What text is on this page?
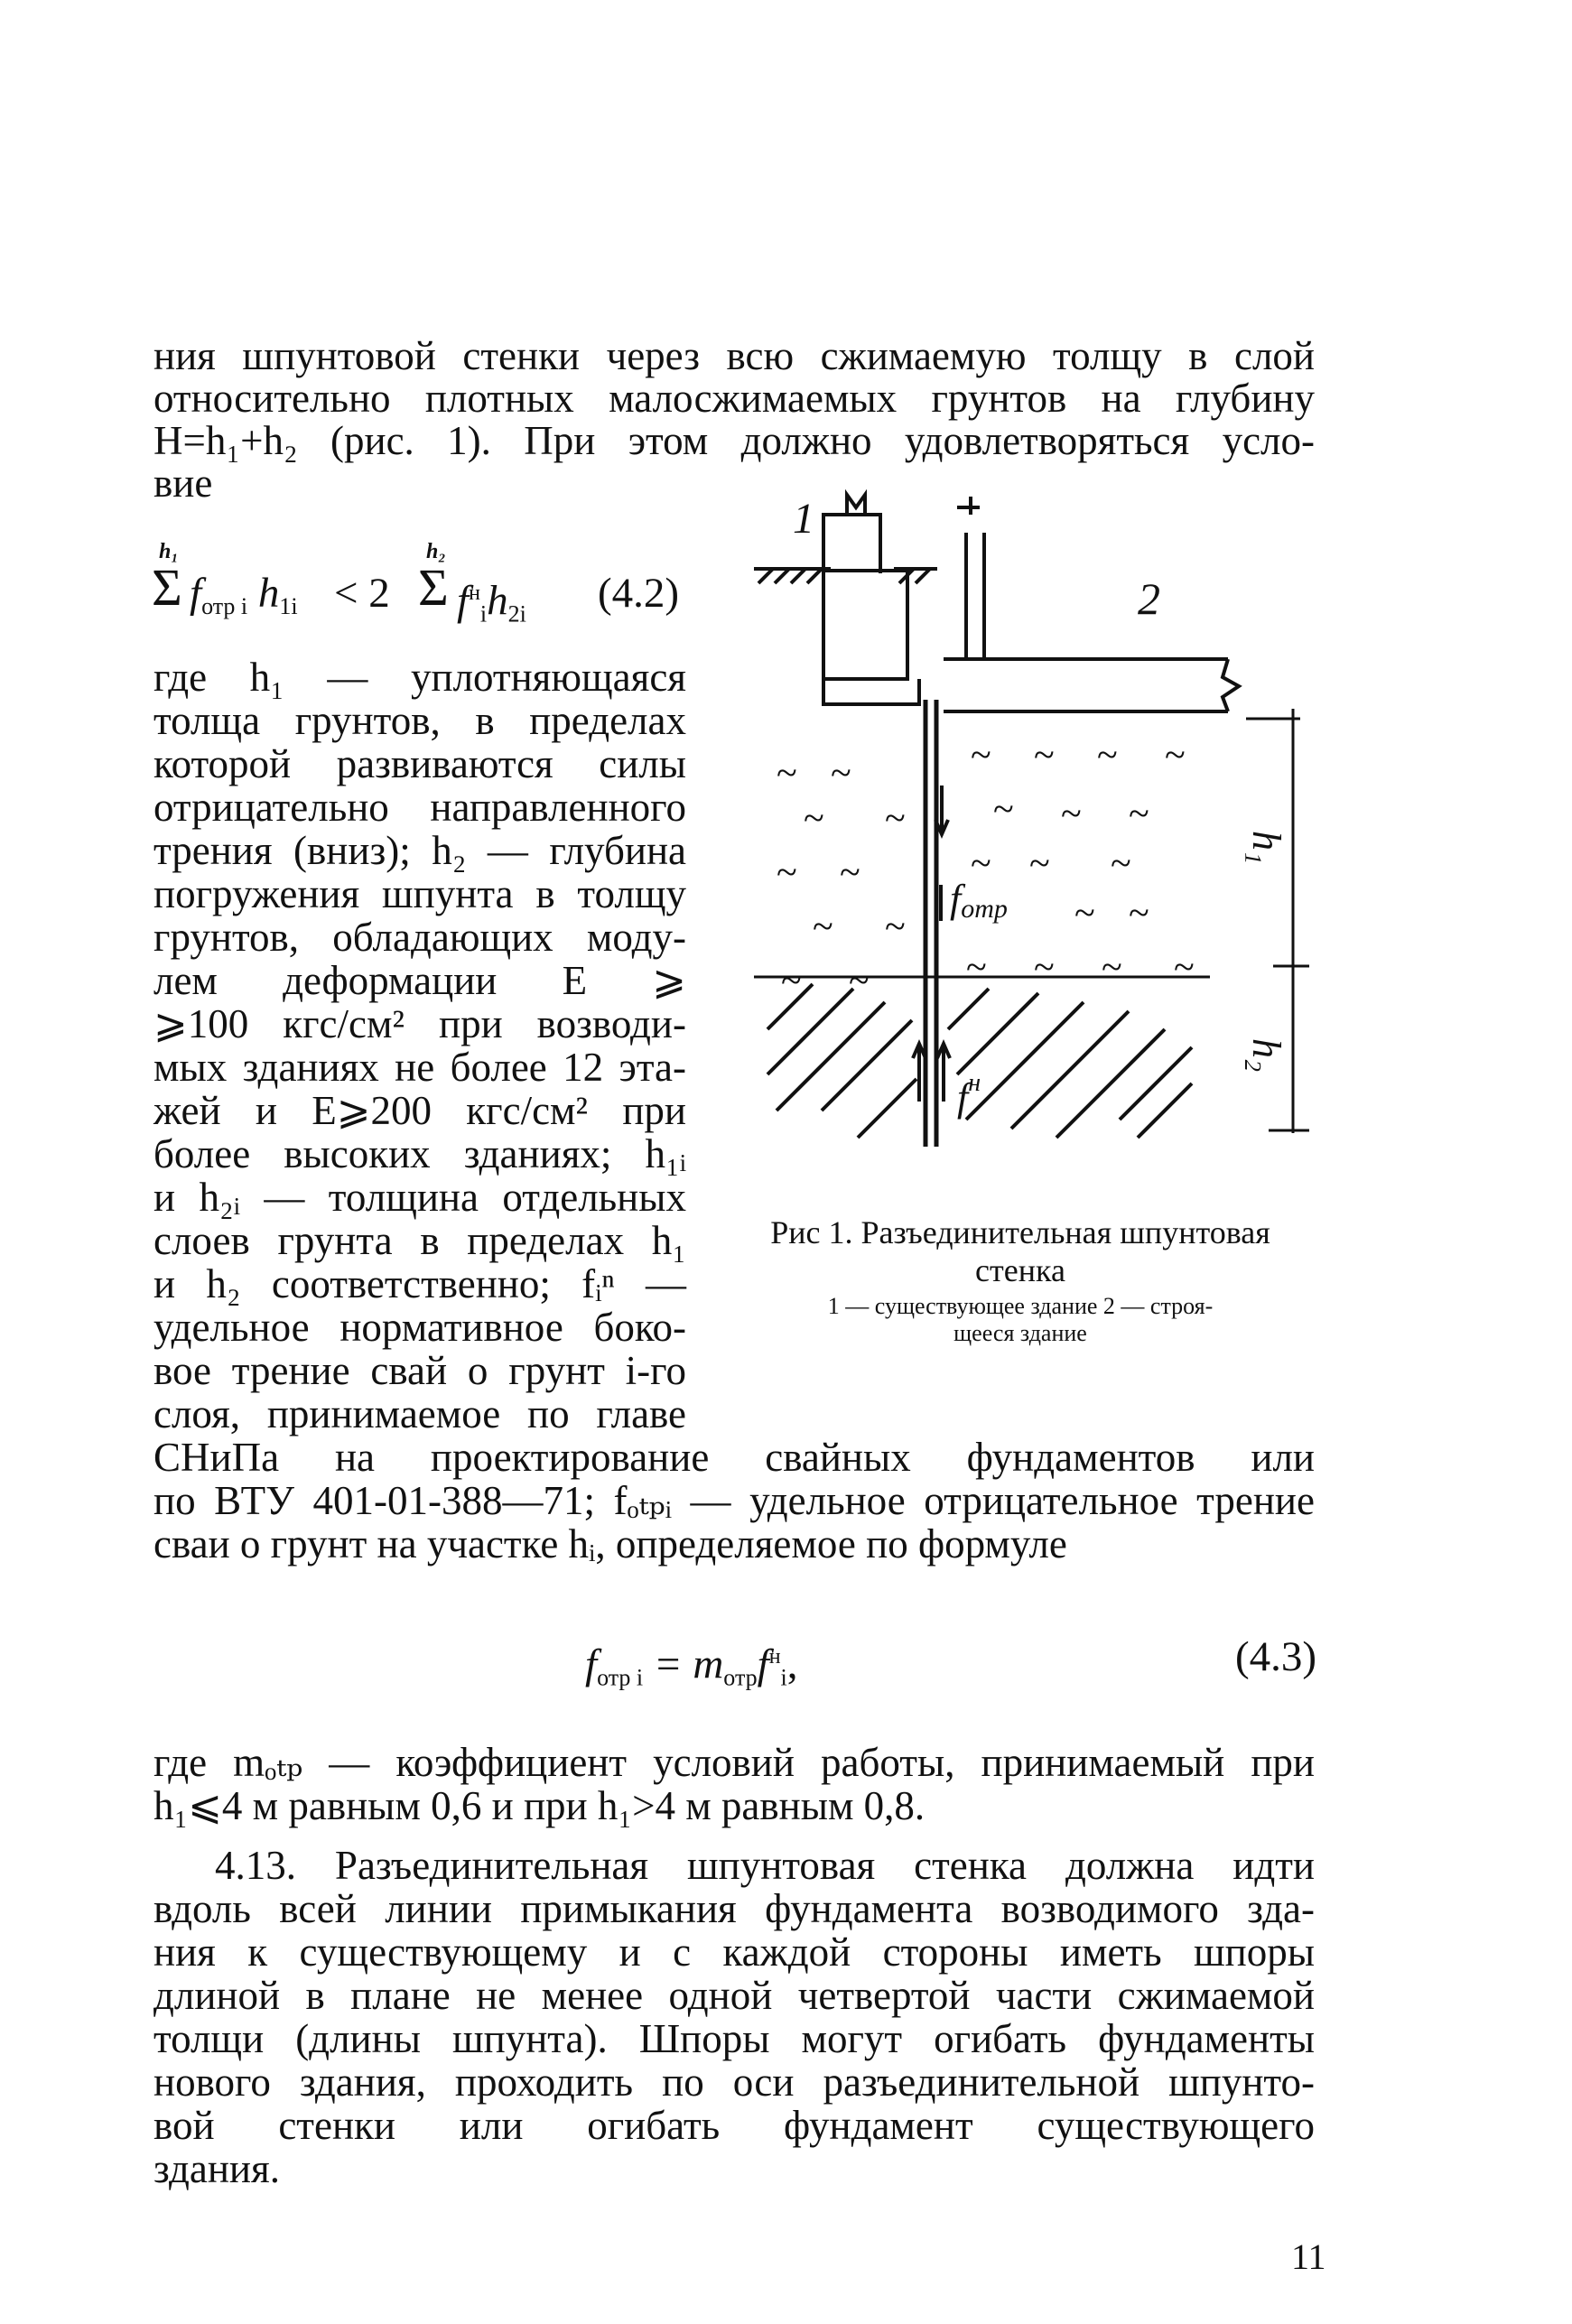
ния шпунтовой стенки через всю сжимаемую толщу в слой

относительно плотных малосжимаемых грунтов на глубину

H=h₁+h₂ (рис. 1). При этом должно удовлетворяться усло-

вие

h₁
Σ $f_{отр i}$ $h_{1i} < 2$
h₂
Σ $f^н_ih_{2i}$ (4.2)

где h₁ — уплотняющаяся

толща грунтов, в пределах

которой развиваются силы

отрицательно направленного

трения (вниз); h₂ — глубина

погружения шпунта в толщу

грунтов, обладающих моду-

лем деформации E ⩾

⩾100 кгс/см² при возводи-

мых зданиях не более 12 эта-

жей и E⩾200 кгс/см² при

более высоких зданиях; h₁ᵢ

и h₂ᵢ — толщина отдельных

слоев грунта в пределах h₁

и h₂ соответственно; fᵢⁿ —

удельное нормативное боко-

вое трение свай о грунт i-го

слоя, принимаемое по главе

~ ~	~ ~ ~ ~
~ ~ ~ ~ ~
~ ~	~ ~ ~
~ ~	~ ~
~ ~	~ ~ ~ ~
1
2
h₁
h₂
fотр
$f^н$
Рис 1. Разъединительная шпунтовая
стенка
1 — существующее здание 2 — строя-
щееся здание

СНиПа на проектирование свайных фундаментов или

по ВТУ 401-01-388—71; fₒₜₚᵢ — удельное отрицательное трение

сваи о грунт на участке hᵢ, определяемое по формуле

$f_{отр i} = m_{отр}f^н_i$,	(4.3)

где mₒₜₚ — коэффициент условий работы, принимаемый при

h₁⩽4 м равным 0,6 и при h₁>4 м равным 0,8.

4.13. Разъединительная шпунтовая стенка должна идти

вдоль всей линии примыкания фундамента возводимого зда-

ния к существующему и с каждой стороны иметь шпоры

длиной в плане не менее одной четвертой части сжимаемой

толщи (длины шпунта). Шпоры могут огибать фундаменты

нового здания, проходить по оси разъединительной шпунто-

вой стенки или огибать фундамент существующего

здания.

11
